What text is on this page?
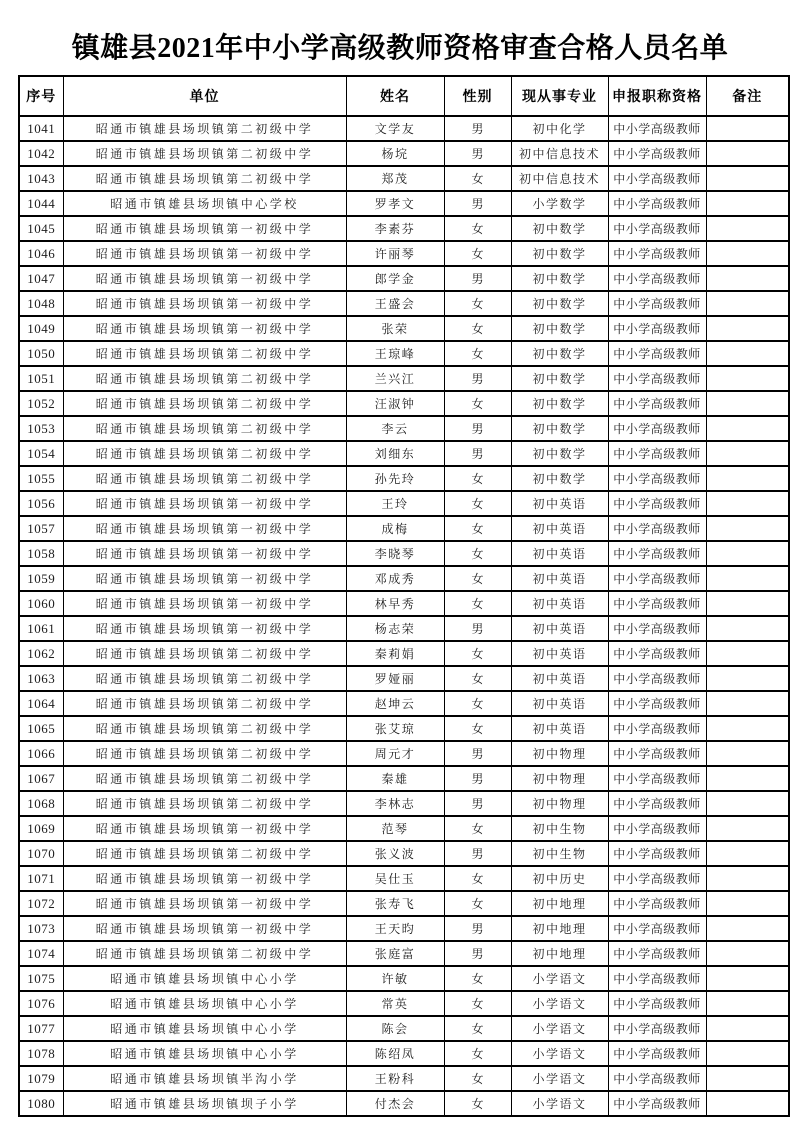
镇雄县2021年中小学高级教师资格审查合格人员名单
序号	单位	姓名	性别	现从事专业	申报职称资格	备注
1041	昭通市镇雄县场坝镇第二初级中学	文学友	男	初中化学	中小学高级教师	
1042	昭通市镇雄县场坝镇第二初级中学	杨垸	男	初中信息技术	中小学高级教师	
1043	昭通市镇雄县场坝镇第二初级中学	郑茂	女	初中信息技术	中小学高级教师	
1044	昭通市镇雄县场坝镇中心学校	罗孝文	男	小学数学	中小学高级教师	
1045	昭通市镇雄县场坝镇第一初级中学	李素芬	女	初中数学	中小学高级教师	
1046	昭通市镇雄县场坝镇第一初级中学	许丽琴	女	初中数学	中小学高级教师	
1047	昭通市镇雄县场坝镇第一初级中学	郎学金	男	初中数学	中小学高级教师	
1048	昭通市镇雄县场坝镇第一初级中学	王盛会	女	初中数学	中小学高级教师	
1049	昭通市镇雄县场坝镇第一初级中学	张荣	女	初中数学	中小学高级教师	
1050	昭通市镇雄县场坝镇第二初级中学	王琼峰	女	初中数学	中小学高级教师	
1051	昭通市镇雄县场坝镇第二初级中学	兰兴江	男	初中数学	中小学高级教师	
1052	昭通市镇雄县场坝镇第二初级中学	汪淑钟	女	初中数学	中小学高级教师	
1053	昭通市镇雄县场坝镇第二初级中学	李云	男	初中数学	中小学高级教师	
1054	昭通市镇雄县场坝镇第二初级中学	刘细东	男	初中数学	中小学高级教师	
1055	昭通市镇雄县场坝镇第二初级中学	孙先玲	女	初中数学	中小学高级教师	
1056	昭通市镇雄县场坝镇第一初级中学	王玲	女	初中英语	中小学高级教师	
1057	昭通市镇雄县场坝镇第一初级中学	成梅	女	初中英语	中小学高级教师	
1058	昭通市镇雄县场坝镇第一初级中学	李晓琴	女	初中英语	中小学高级教师	
1059	昭通市镇雄县场坝镇第一初级中学	邓成秀	女	初中英语	中小学高级教师	
1060	昭通市镇雄县场坝镇第一初级中学	林早秀	女	初中英语	中小学高级教师	
1061	昭通市镇雄县场坝镇第一初级中学	杨志荣	男	初中英语	中小学高级教师	
1062	昭通市镇雄县场坝镇第二初级中学	秦莉娟	女	初中英语	中小学高级教师	
1063	昭通市镇雄县场坝镇第二初级中学	罗娅丽	女	初中英语	中小学高级教师	
1064	昭通市镇雄县场坝镇第二初级中学	赵坤云	女	初中英语	中小学高级教师	
1065	昭通市镇雄县场坝镇第二初级中学	张艾琼	女	初中英语	中小学高级教师	
1066	昭通市镇雄县场坝镇第二初级中学	周元才	男	初中物理	中小学高级教师	
1067	昭通市镇雄县场坝镇第二初级中学	秦雄	男	初中物理	中小学高级教师	
1068	昭通市镇雄县场坝镇第二初级中学	李林志	男	初中物理	中小学高级教师	
1069	昭通市镇雄县场坝镇第一初级中学	范琴	女	初中生物	中小学高级教师	
1070	昭通市镇雄县场坝镇第二初级中学	张义波	男	初中生物	中小学高级教师	
1071	昭通市镇雄县场坝镇第一初级中学	吴仕玉	女	初中历史	中小学高级教师	
1072	昭通市镇雄县场坝镇第一初级中学	张寿飞	女	初中地理	中小学高级教师	
1073	昭通市镇雄县场坝镇第一初级中学	王天昀	男	初中地理	中小学高级教师	
1074	昭通市镇雄县场坝镇第二初级中学	张庭富	男	初中地理	中小学高级教师	
1075	昭通市镇雄县场坝镇中心小学	许敏	女	小学语文	中小学高级教师	
1076	昭通市镇雄县场坝镇中心小学	常英	女	小学语文	中小学高级教师	
1077	昭通市镇雄县场坝镇中心小学	陈会	女	小学语文	中小学高级教师	
1078	昭通市镇雄县场坝镇中心小学	陈绍凤	女	小学语文	中小学高级教师	
1079	昭通市镇雄县场坝镇半沟小学	王粉科	女	小学语文	中小学高级教师	
1080	昭通市镇雄县场坝镇坝子小学	付杰会	女	小学语文	中小学高级教师	
